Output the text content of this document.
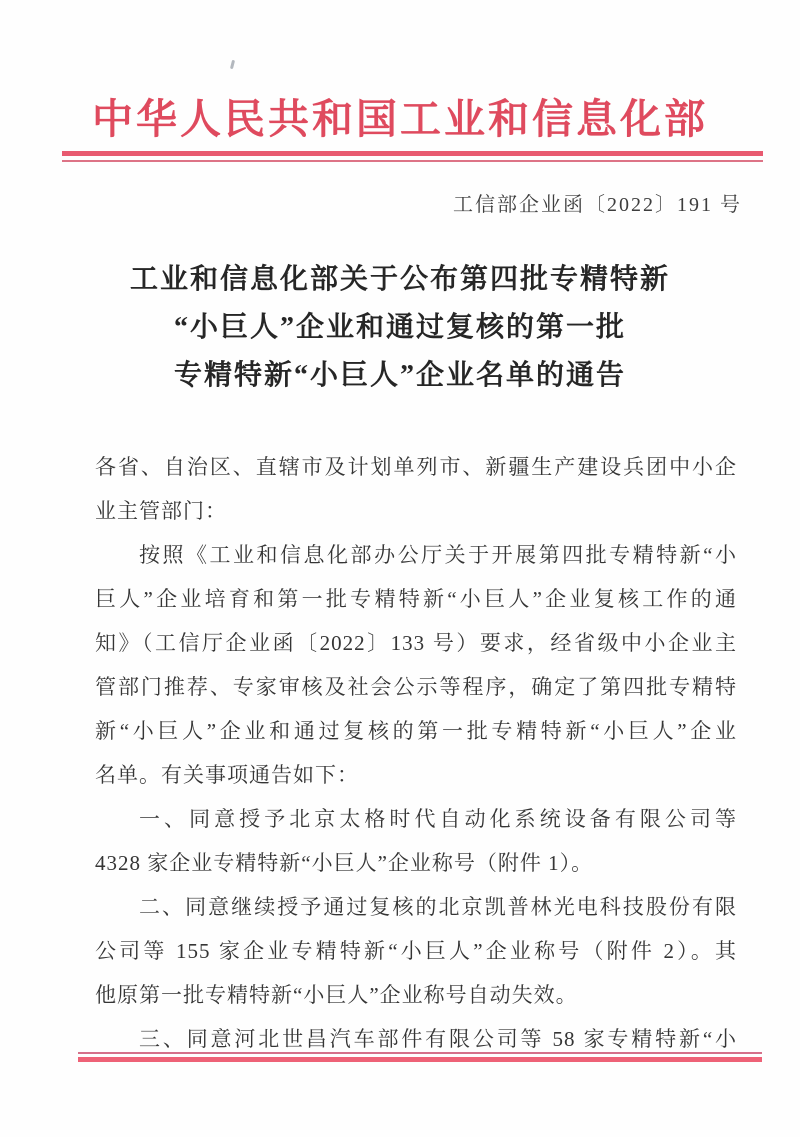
中华人民共和国工业和信息化部
工信部企业函〔2022〕191 号
工业和信息化部关于公布第四批专精特新
“小巨人”企业和通过复核的第一批
专精特新“小巨人”企业名单的通告
各省、自治区、直辖市及计划单列市、新疆生产建设兵团中小企
业主管部门：
按照《工业和信息化部办公厅关于开展第四批专精特新“小
巨人”企业培育和第一批专精特新“小巨人”企业复核工作的通
知》（工信厅企业函〔2022〕133 号）要求，经省级中小企业主
管部门推荐、专家审核及社会公示等程序，确定了第四批专精特
新“小巨人”企业和通过复核的第一批专精特新“小巨人”企业
名单。有关事项通告如下：
一、同意授予北京太格时代自动化系统设备有限公司等
4328 家企业专精特新“小巨人”企业称号（附件 1）。
二、同意继续授予通过复核的北京凯普林光电科技股份有限
公司等 155 家企业专精特新“小巨人”企业称号（附件 2）。其
他原第一批专精特新“小巨人”企业称号自动失效。
三、同意河北世昌汽车部件有限公司等 58 家专精特新“小
